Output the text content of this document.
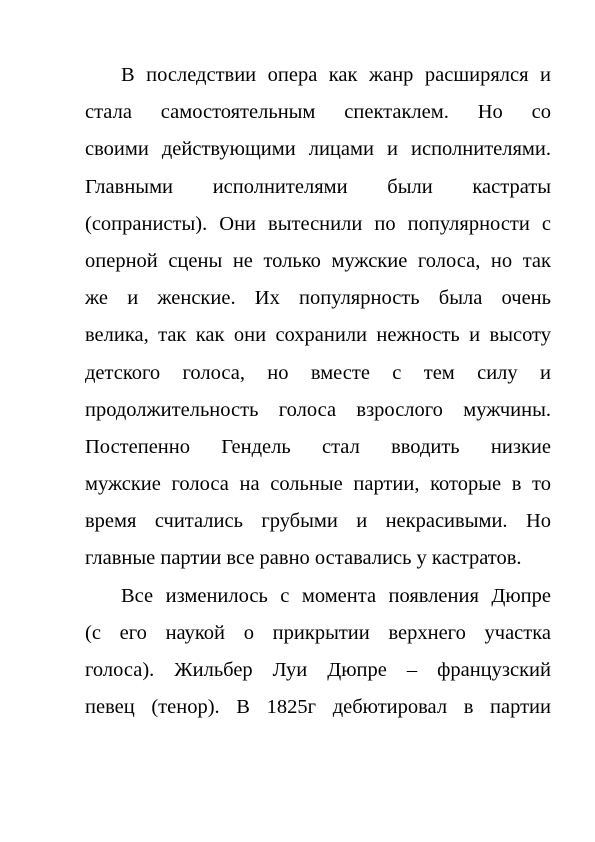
В последствии опера как жанр расширялся и
стала самостоятельным спектаклем. Но со
своими действующими лицами и исполнителями.
Главными исполнителями были кастраты
(сопранисты). Они вытеснили по популярности с
оперной сцены не только мужские голоса, но так
же и женские. Их популярность была очень
велика, так как они сохранили нежность и высоту
детского голоса, но вместе с тем силу и
продолжительность голоса взрослого мужчины.
Постепенно Гендель стал вводить низкие
мужские голоса на сольные партии, которые в то
время считались грубыми и некрасивыми. Но
главные партии все равно оставались у кастратов.
Все изменилось с момента появления Дюпре
(с его наукой о прикрытии верхнего участка
голоса). Жильбер Луи Дюпре – французский
певец (тенор). В 1825г дебютировал в партии
